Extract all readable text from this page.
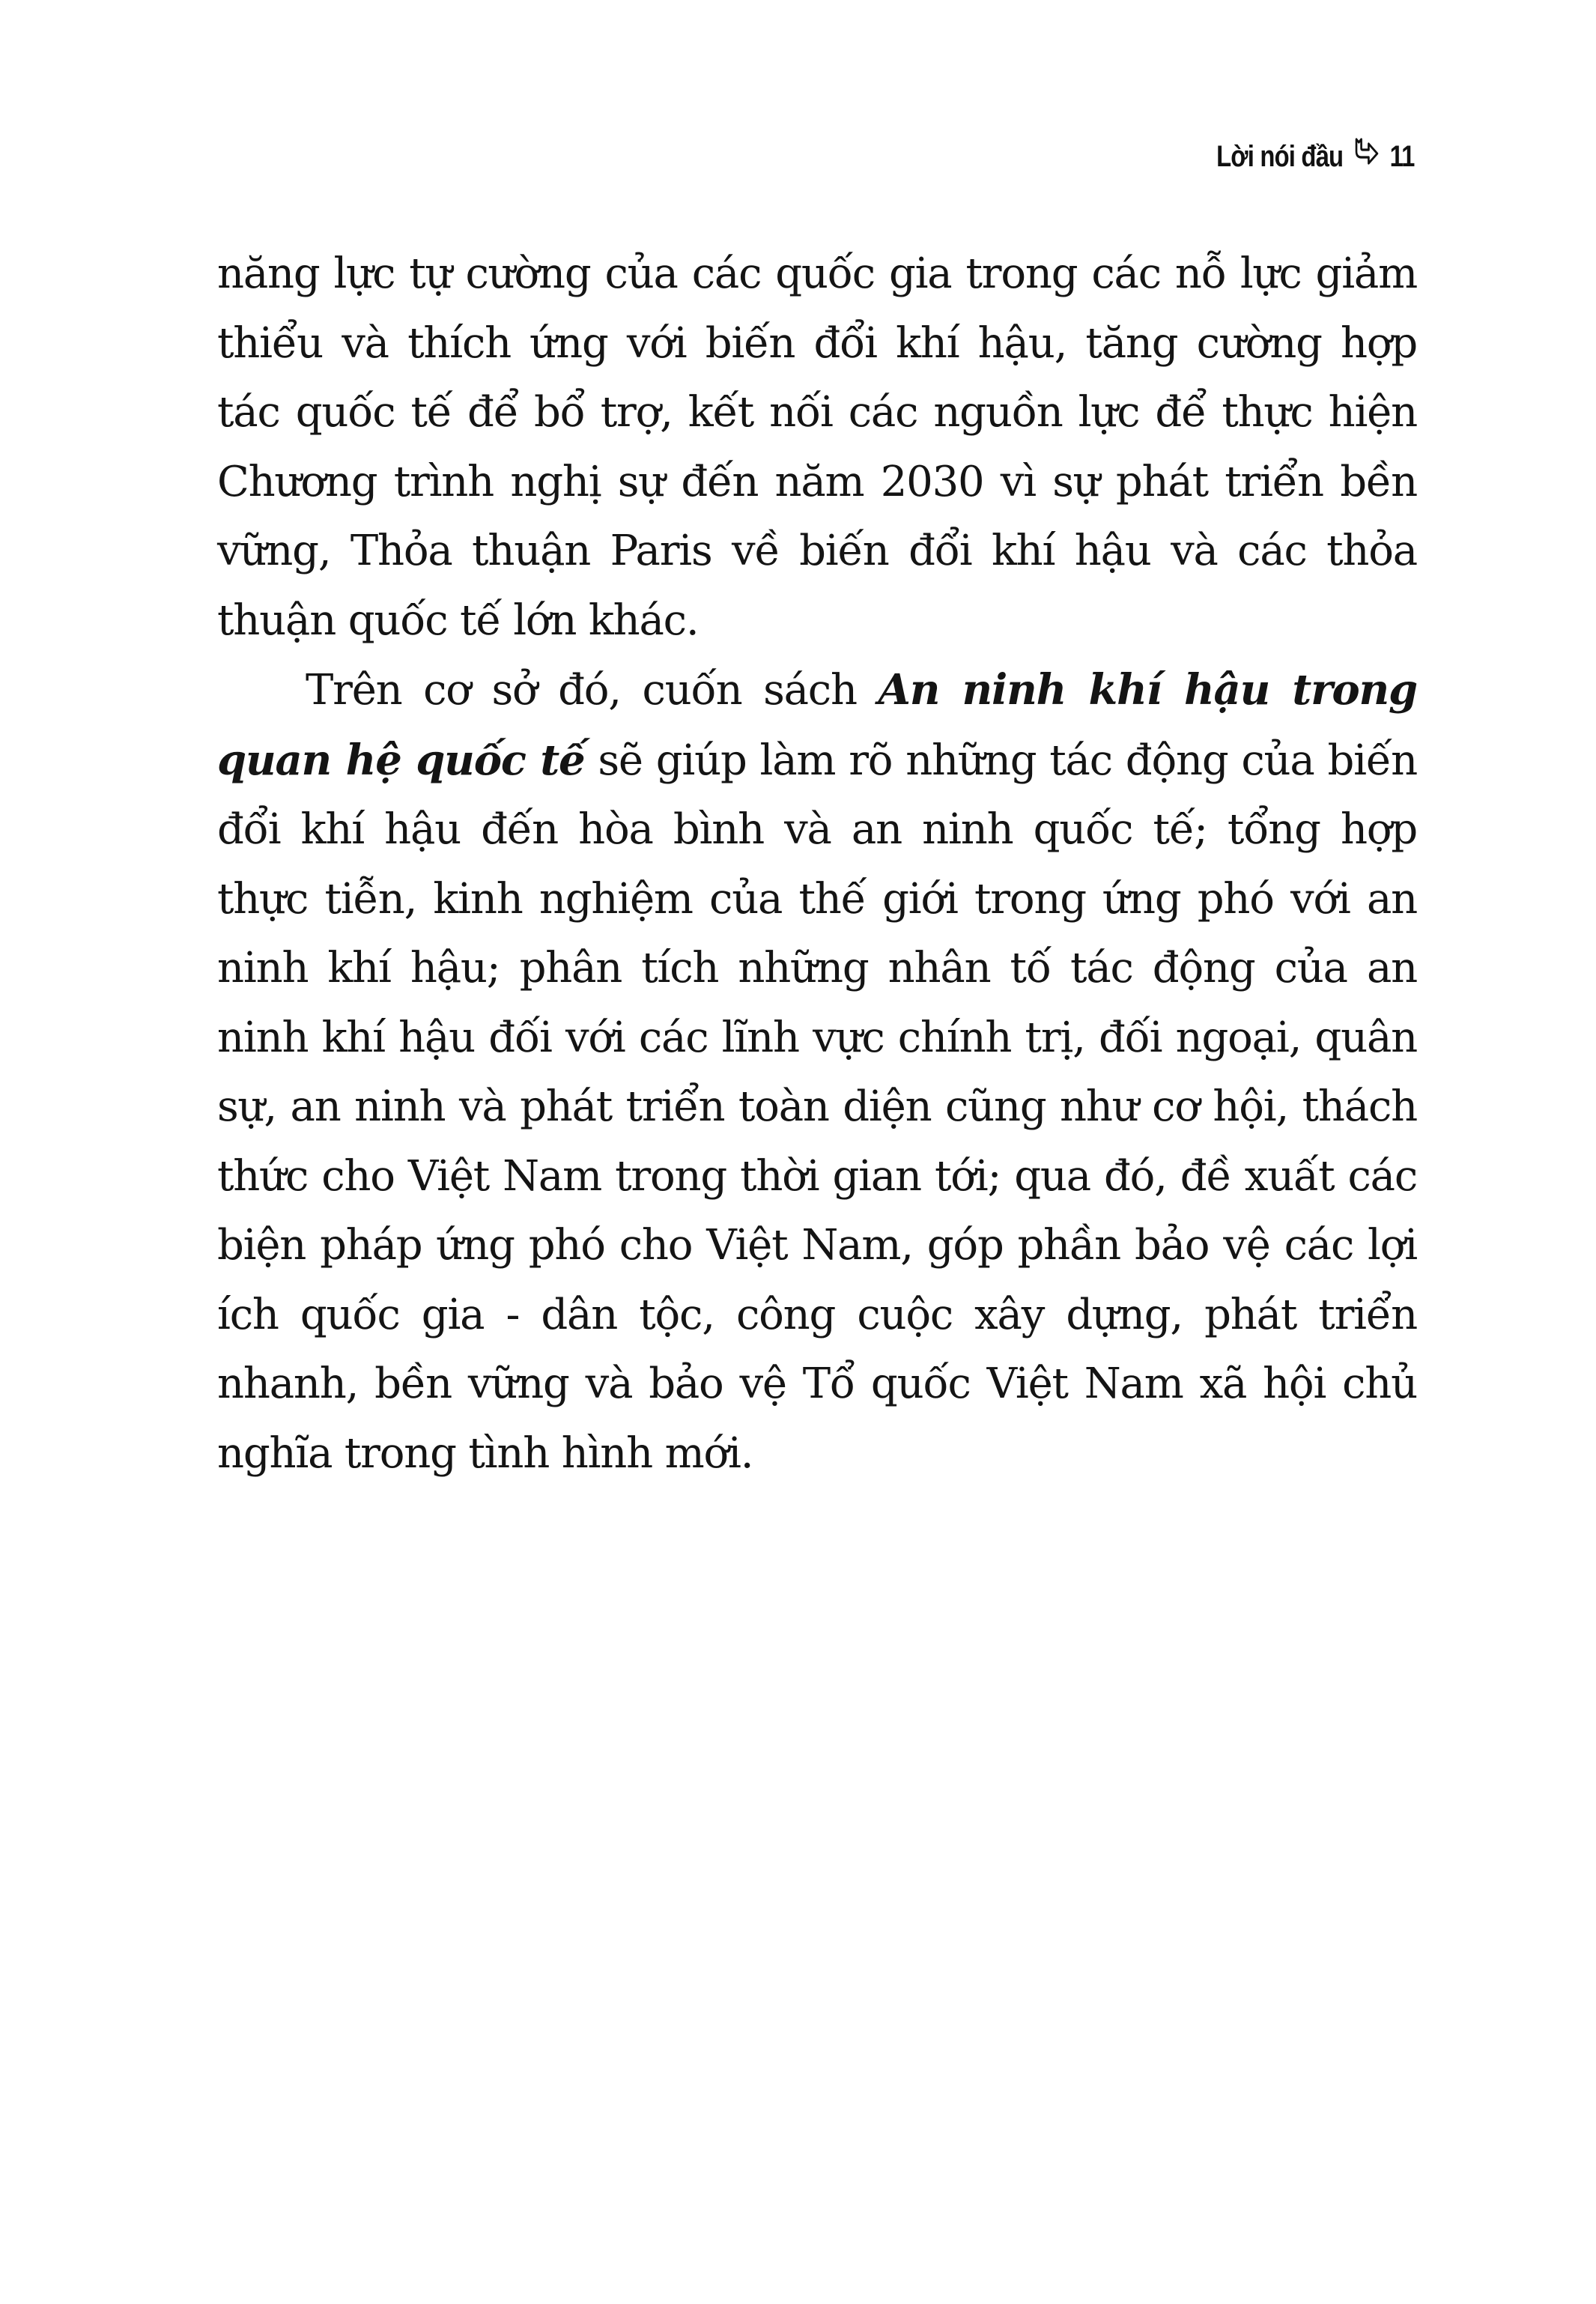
Lời nói đầu 11

năng lực tự cường của các quốc gia trong các nỗ lực giảm thiểu và thích ứng với biến đổi khí hậu, tăng cường hợp tác quốc tế để bổ trợ, kết nối các nguồn lực để thực hiện Chương trình nghị sự đến năm 2030 vì sự phát triển bền vững, Thỏa thuận Paris về biến đổi khí hậu và các thỏa thuận quốc tế lớn khác.

Trên cơ sở đó, cuốn sách An ninh khí hậu trong quan hệ quốc tế sẽ giúp làm rõ những tác động của biến đổi khí hậu đến hòa bình và an ninh quốc tế; tổng hợp thực tiễn, kinh nghiệm của thế giới trong ứng phó với an ninh khí hậu; phân tích những nhân tố tác động của an ninh khí hậu đối với các lĩnh vực chính trị, đối ngoại, quân sự, an ninh và phát triển toàn diện cũng như cơ hội, thách thức cho Việt Nam trong thời gian tới; qua đó, đề xuất các biện pháp ứng phó cho Việt Nam, góp phần bảo vệ các lợi ích quốc gia - dân tộc, công cuộc xây dựng, phát triển nhanh, bền vững và bảo vệ Tổ quốc Việt Nam xã hội chủ nghĩa trong tình hình mới.
